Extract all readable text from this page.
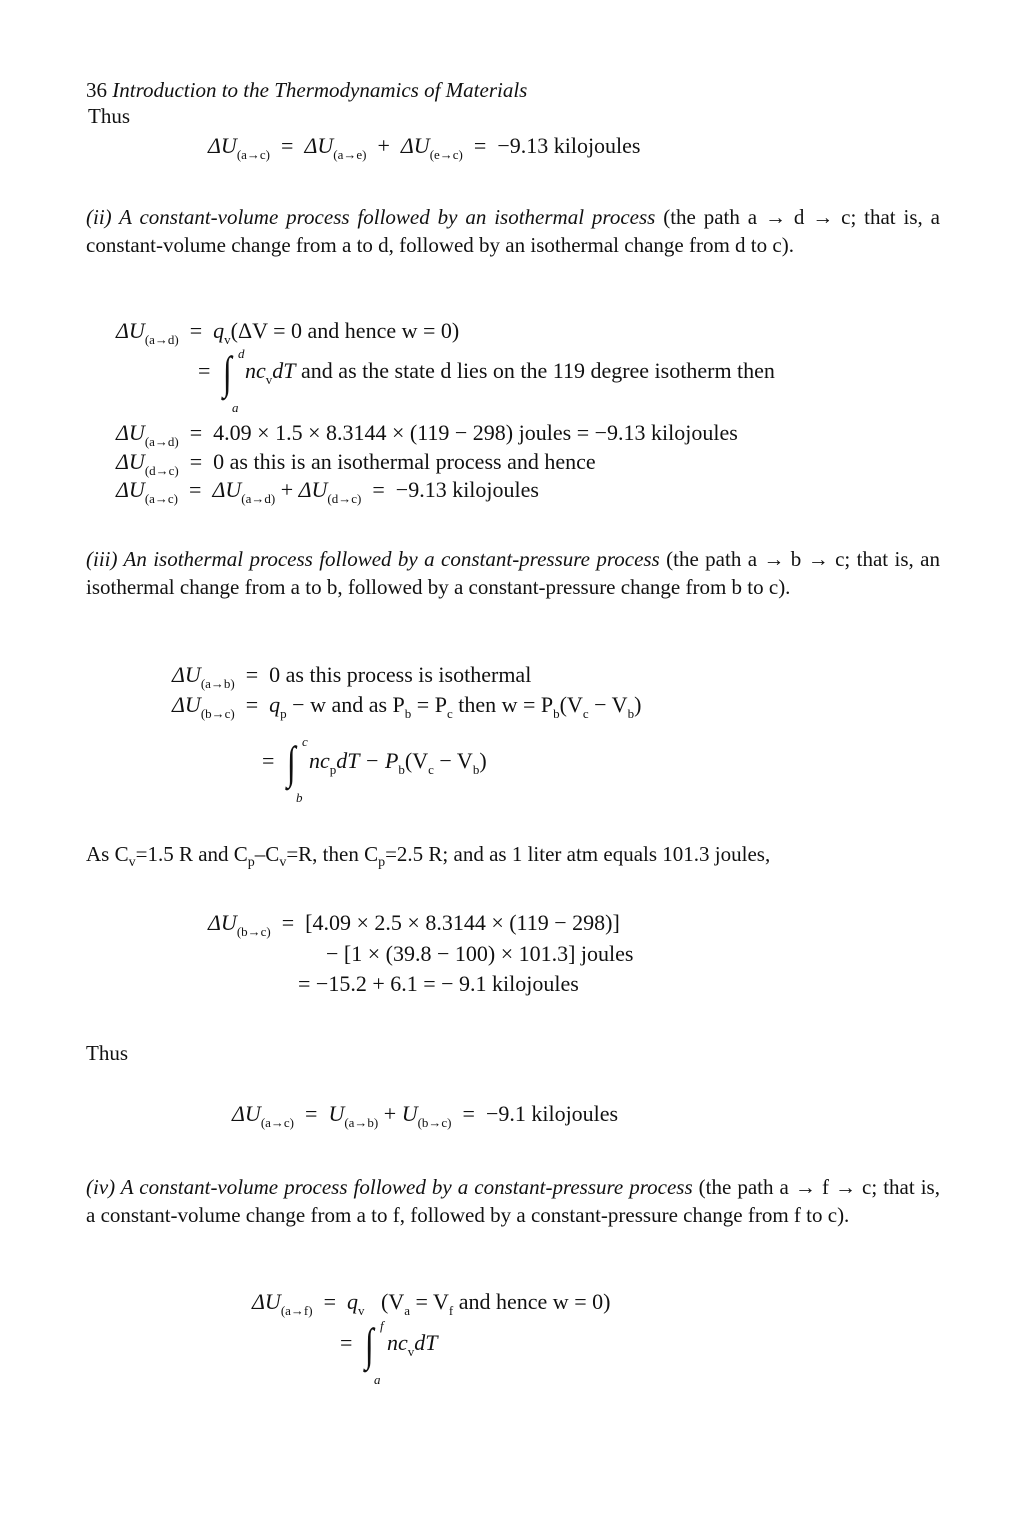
36 Introduction to the Thermodynamics of Materials
Thus
$\Delta U_{(a\to c)} = \Delta U_{(a\to e)} + \Delta U_{(e\to c)} = -9.13$ kilojoules
(ii) A constant-volume process followed by an isothermal process (the path a → d → c; that is, a constant-volume change from a to d, followed by an isothermal change from d to c).
$\Delta U_{(a\to d)} = q_v(\Delta V = 0$ and hence w = 0)
=  ∫ d
a
$nc_vdT$ and as the state d lies on the 119 degree isotherm then
$\Delta U_{(a\to d)} = 4.09 \times 1.5 \times 8.3144 \times (119 - 298)$ joules = −9.13 kilojoules
$\Delta U_{(d\to c)} = 0$ as this is an isothermal process and hence
$\Delta U_{(a\to c)} = \Delta U_{(a\to d)} + \Delta U_{(d\to c)} = -9.13$ kilojoules
(iii) An isothermal process followed by a constant-pressure process (the path a → b → c; that is, an isothermal change from a to b, followed by a constant-pressure change from b to c).
$\Delta U_{(a\to b)} = 0$ as this process is isothermal
$\Delta U_{(b\to c)} = q_p - w$ and as $P_b = P_c$ then $w = P_b(V_c - V_b)$
=  ∫ c
b
$nc_pdT - P_b(V_c - V_b)$
As $C_v=1.5$ R and $C_p-C_v=R$, then $C_p=2.5$ R; and as 1 liter atm equals 101.3 joules,
$\Delta U_{(b\to c)} = [4.09 \times 2.5 \times 8.3144 \times (119 - 298)]$
− [1 × (39.8 − 100) × 101.3] joules
= −15.2 + 6.1 = − 9.1 kilojoules
Thus
$\Delta U_{(a\to c)} = U_{(a\to b)} + U_{(b\to c)} = -9.1$ kilojoules
(iv) A constant-volume process followed by a constant-pressure process (the path a → f → c; that is, a constant-volume change from a to f, followed by a constant-pressure change from f to c).
$\Delta U_{(a\to f)} = q_v$ ($V_a = V_f$ and hence w = 0)
=  ∫ f
a
$nc_vdT$
